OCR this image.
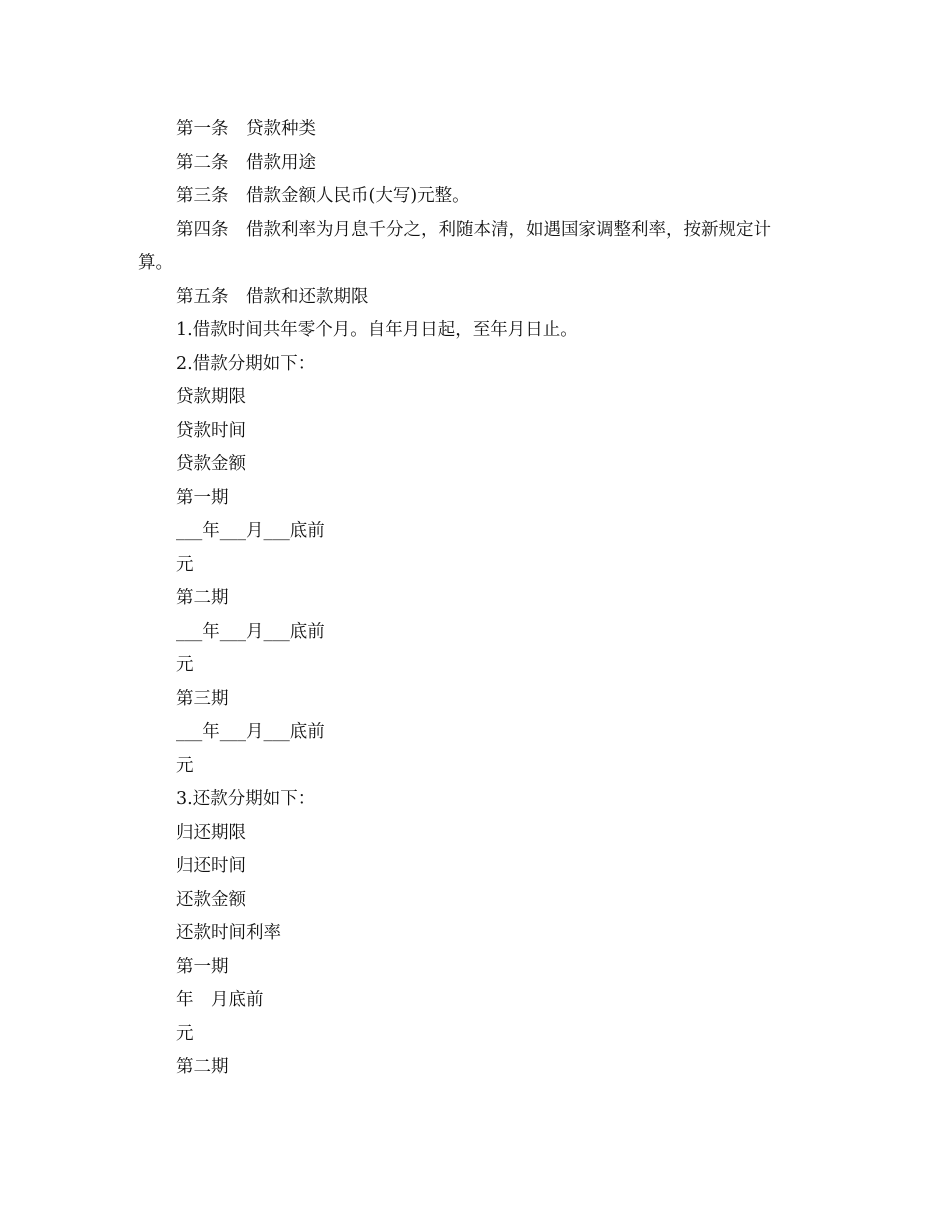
第一条　贷款种类

第二条　借款用途

第三条　借款金额人民币(大写)元整。

第四条　借款利率为月息千分之，利随本清，如遇国家调整利率，按新规定计

算。

第五条　借款和还款期限

1.借款时间共年零个月。自年月日起，至年月日止。

2.借款分期如下：

贷款期限

贷款时间

贷款金额

第一期

___年___月___底前

元

第二期

___年___月___底前

元

第三期

___年___月___底前

元

3.还款分期如下：

归还期限

归还时间

还款金额

还款时间利率

第一期

年　月底前

元

第二期
